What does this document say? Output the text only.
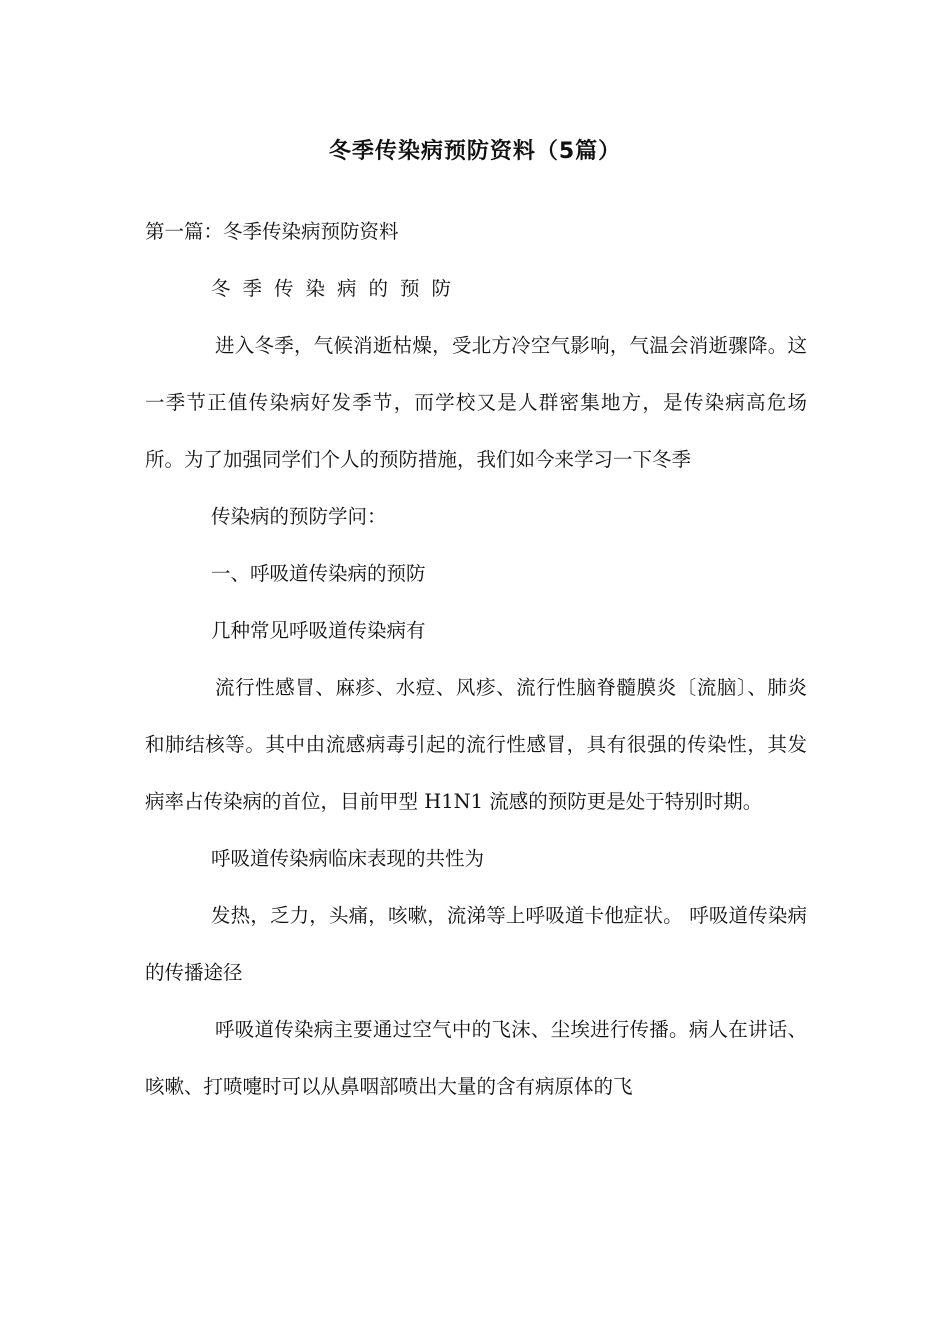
冬季传染病预防资料（5篇）

第一篇：冬季传染病预防资料

冬季传染病的预防

进入冬季，气候消逝枯燥，受北方冷空气影响，气温会消逝骤降。这一季节正值传染病好发季节，而学校又是人群密集地方，是传染病高危场所。为了加强同学们个人的预防措施，我们如今来学习一下冬季

传染病的预防学问：

一、呼吸道传染病的预防

几种常见呼吸道传染病有

流行性感冒、麻疹、水痘、风疹、流行性脑脊髓膜炎〔流脑〕、肺炎和肺结核等。其中由流感病毒引起的流行性感冒，具有很强的传染性，其发病率占传染病的首位，目前甲型 H1N1 流感的预防更是处于特别时期。

呼吸道传染病临床表现的共性为

发热，乏力，头痛，咳嗽，流涕等上呼吸道卡他症状。 呼吸道传染病的传播途径

呼吸道传染病主要通过空气中的飞沫、尘埃进行传播。病人在讲话、咳嗽、打喷嚏时可以从鼻咽部喷出大量的含有病原体的飞
